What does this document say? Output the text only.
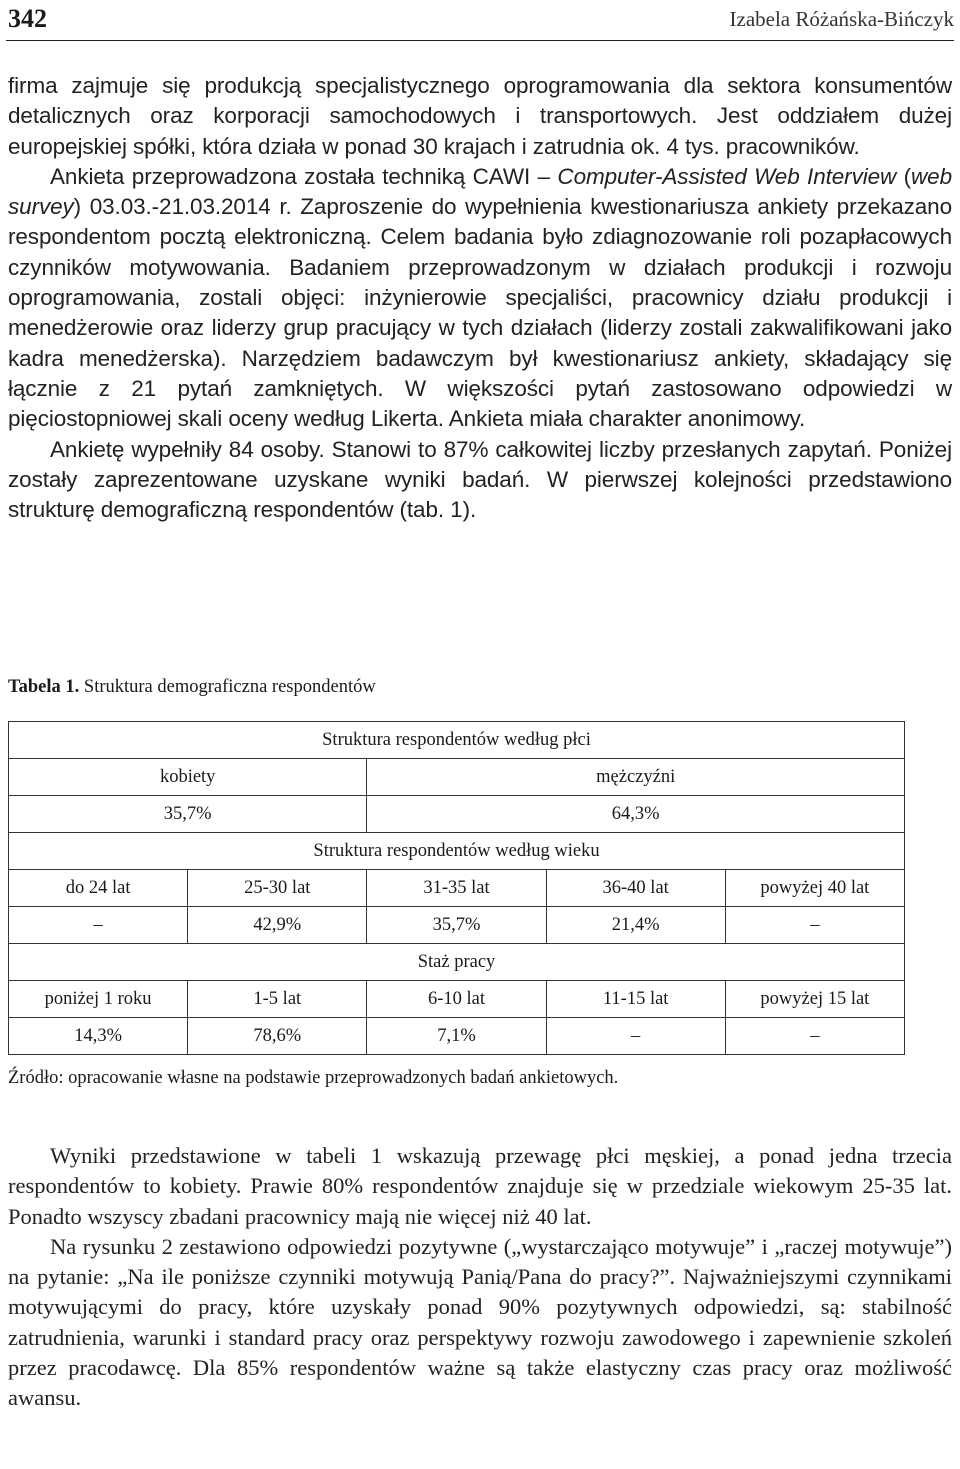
342	Izabela Różańska-Bińczyk

firma zajmuje się produkcją specjalistycznego oprogramowania dla sektora konsumentów detalicznych oraz korporacji samochodowych i transportowych. Jest oddziałem dużej europejskiej spółki, która działa w ponad 30 krajach i zatrudnia ok. 4 tys. pracowników.

Ankieta przeprowadzona została techniką CAWI – Computer-Assisted Web Interview (web survey) 03.03.-21.03.2014 r. Zaproszenie do wypełnienia kwestionariusza ankiety przekazano respondentom pocztą elektroniczną. Celem badania było zdiagnozowanie roli pozapłacowych czynników motywowania. Badaniem przeprowadzonym w działach produkcji i rozwoju oprogramowania, zostali objęci: inżynierowie specjaliści, pracownicy działu produkcji i menedżerowie oraz liderzy grup pracujący w tych działach (liderzy zostali zakwalifikowani jako kadra menedżerska). Narzędziem badawczym był kwestionariusz ankiety, składający się łącznie z 21 pytań zamkniętych. W większości pytań zastosowano odpowiedzi w pięciostopniowej skali oceny według Likerta. Ankieta miała charakter anonimowy.

Ankietę wypełniły 84 osoby. Stanowi to 87% całkowitej liczby przesłanych zapytań. Poniżej zostały zaprezentowane uzyskane wyniki badań. W pierwszej kolejności przedstawiono strukturę demograficzną respondentów (tab. 1).

Tabela 1. Struktura demograficzna respondentów
Struktura respondentów według płci				
kobiety		mężczyźni		
35,7%		64,3%		
Struktura respondentów według wieku				
do 24 lat	25-30 lat	31-35 lat	36-40 lat	powyżej 40 lat
–	42,9%	35,7%	21,4%	–
Staż pracy				
poniżej 1 roku	1-5 lat	6-10 lat	11-15 lat	powyżej 15 lat
14,3%	78,6%	7,1%	–	–
Źródło: opracowanie własne na podstawie przeprowadzonych badań ankietowych.

Wyniki przedstawione w tabeli 1 wskazują przewagę płci męskiej, a ponad jedna trzecia respondentów to kobiety. Prawie 80% respondentów znajduje się w przedziale wiekowym 25-35 lat. Ponadto wszyscy zbadani pracownicy mają nie więcej niż 40 lat.

Na rysunku 2 zestawiono odpowiedzi pozytywne („wystarczająco motywuje” i „raczej motywuje”) na pytanie: „Na ile poniższe czynniki motywują Panią/Pana do pracy?”. Najważniejszymi czynnikami motywującymi do pracy, które uzyskały ponad 90% pozytywnych odpowiedzi, są: stabilność zatrudnienia, warunki i standard pracy oraz perspektywy rozwoju zawodowego i zapewnienie szkoleń przez pracodawcę. Dla 85% respondentów ważne są także elastyczny czas pracy oraz możliwość awansu.
